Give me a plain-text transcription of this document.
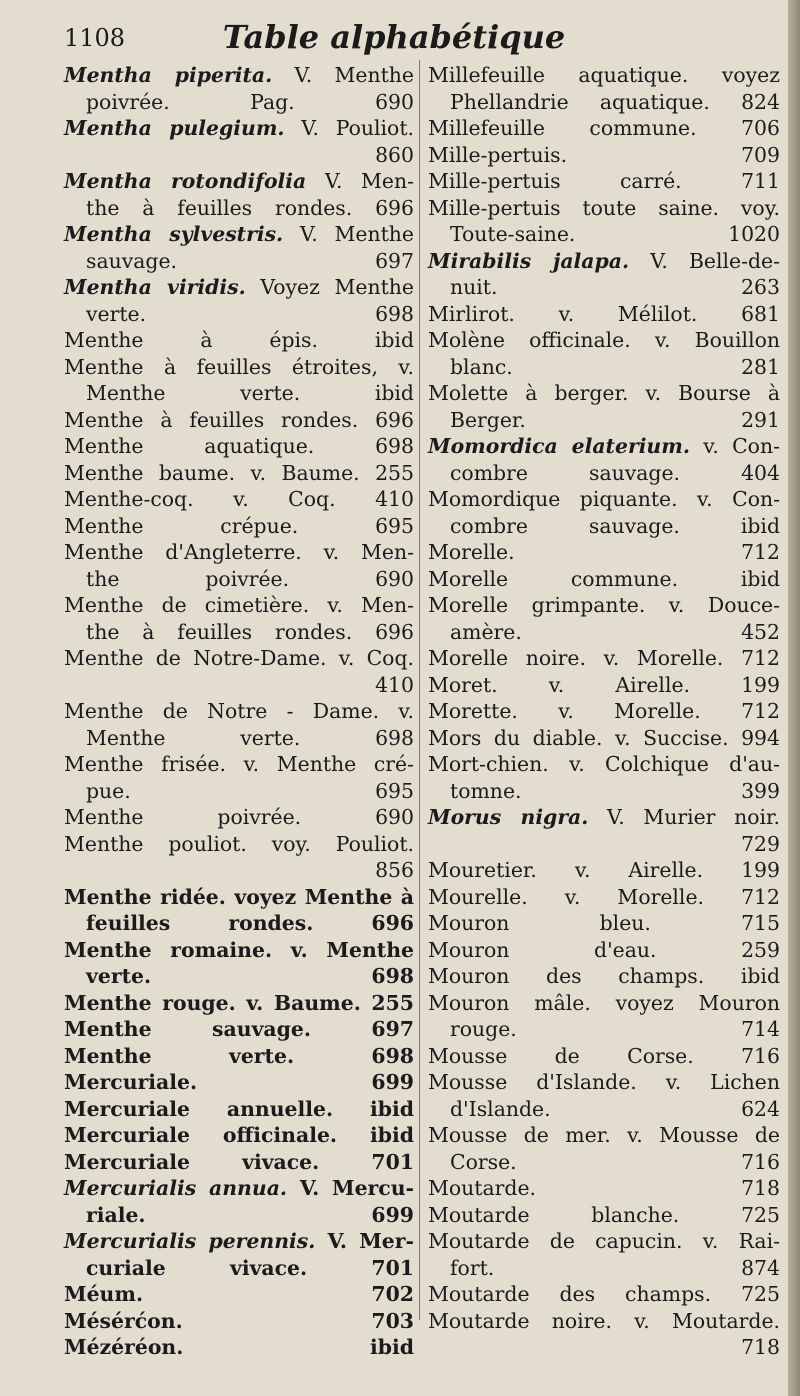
1108	Table alphabétique
Mentha piperita. V. Menthe
poivrée. Pag. 690
Mentha pulegium. V. Pouliot.
860
Mentha rotondifolia V. Men-
the à feuilles rondes. 696
Mentha sylvestris. V. Menthe
sauvage. 697
Mentha viridis. Voyez Menthe
verte. 698
Menthe à épis. ibid
Menthe à feuilles étroites, v.
Menthe verte. ibid
Menthe à feuilles rondes. 696
Menthe aquatique. 698
Menthe baume. v. Baume. 255
Menthe-coq. v. Coq. 410
Menthe crépue. 695
Menthe d'Angleterre. v. Men-
the poivrée. 690
Menthe de cimetière. v. Men-
the à feuilles rondes. 696
Menthe de Notre-Dame. v. Coq.
410
Menthe de Notre - Dame. v.
Menthe verte. 698
Menthe frisée. v. Menthe cré-
pue. 695
Menthe poivrée. 690
Menthe pouliot. voy. Pouliot.
856
Menthe ridée. voyez Menthe à
feuilles rondes. 696
Menthe romaine. v. Menthe
verte. 698
Menthe rouge. v. Baume. 255
Menthe sauvage. 697
Menthe verte. 698
Mercuriale. 699
Mercuriale annuelle. ibid
Mercuriale officinale. ibid
Mercuriale vivace. 701
Mercurialis annua. V. Mercu-
riale. 699
Mercurialis perennis. V. Mer-
curiale vivace. 701
Méum. 702
Mésérćon. 703
Mézéréon. ibid
Millefeuille aquatique. voyez
Phellandrie aquatique. 824
Millefeuille commune. 706
Mille-pertuis. 709
Mille-pertuis carré. 711
Mille-pertuis toute saine. voy.
Toute-saine. 1020
Mirabilis jalapa. V. Belle-de-
nuit. 263
Mirlirot. v. Mélilot. 681
Molène officinale. v. Bouillon
blanc. 281
Molette à berger. v. Bourse à
Berger. 291
Momordica elaterium. v. Con-
combre sauvage. 404
Momordique piquante. v. Con-
combre sauvage. ibid
Morelle. 712
Morelle commune. ibid
Morelle grimpante. v. Douce-
amère. 452
Morelle noire. v. Morelle. 712
Moret. v. Airelle. 199
Morette. v. Morelle. 712
Mors du diable. v. Succise. 994
Mort-chien. v. Colchique d'au-
tomne. 399
Morus nigra. V. Murier noir.
729
Mouretier. v. Airelle. 199
Mourelle. v. Morelle. 712
Mouron bleu. 715
Mouron d'eau. 259
Mouron des champs. ibid
Mouron mâle. voyez Mouron
rouge. 714
Mousse de Corse. 716
Mousse d'Islande. v. Lichen
d'Islande. 624
Mousse de mer. v. Mousse de
Corse. 716
Moutarde. 718
Moutarde blanche. 725
Moutarde de capucin. v. Rai-
fort. 874
Moutarde des champs. 725
Moutarde noire. v. Moutarde.
718
